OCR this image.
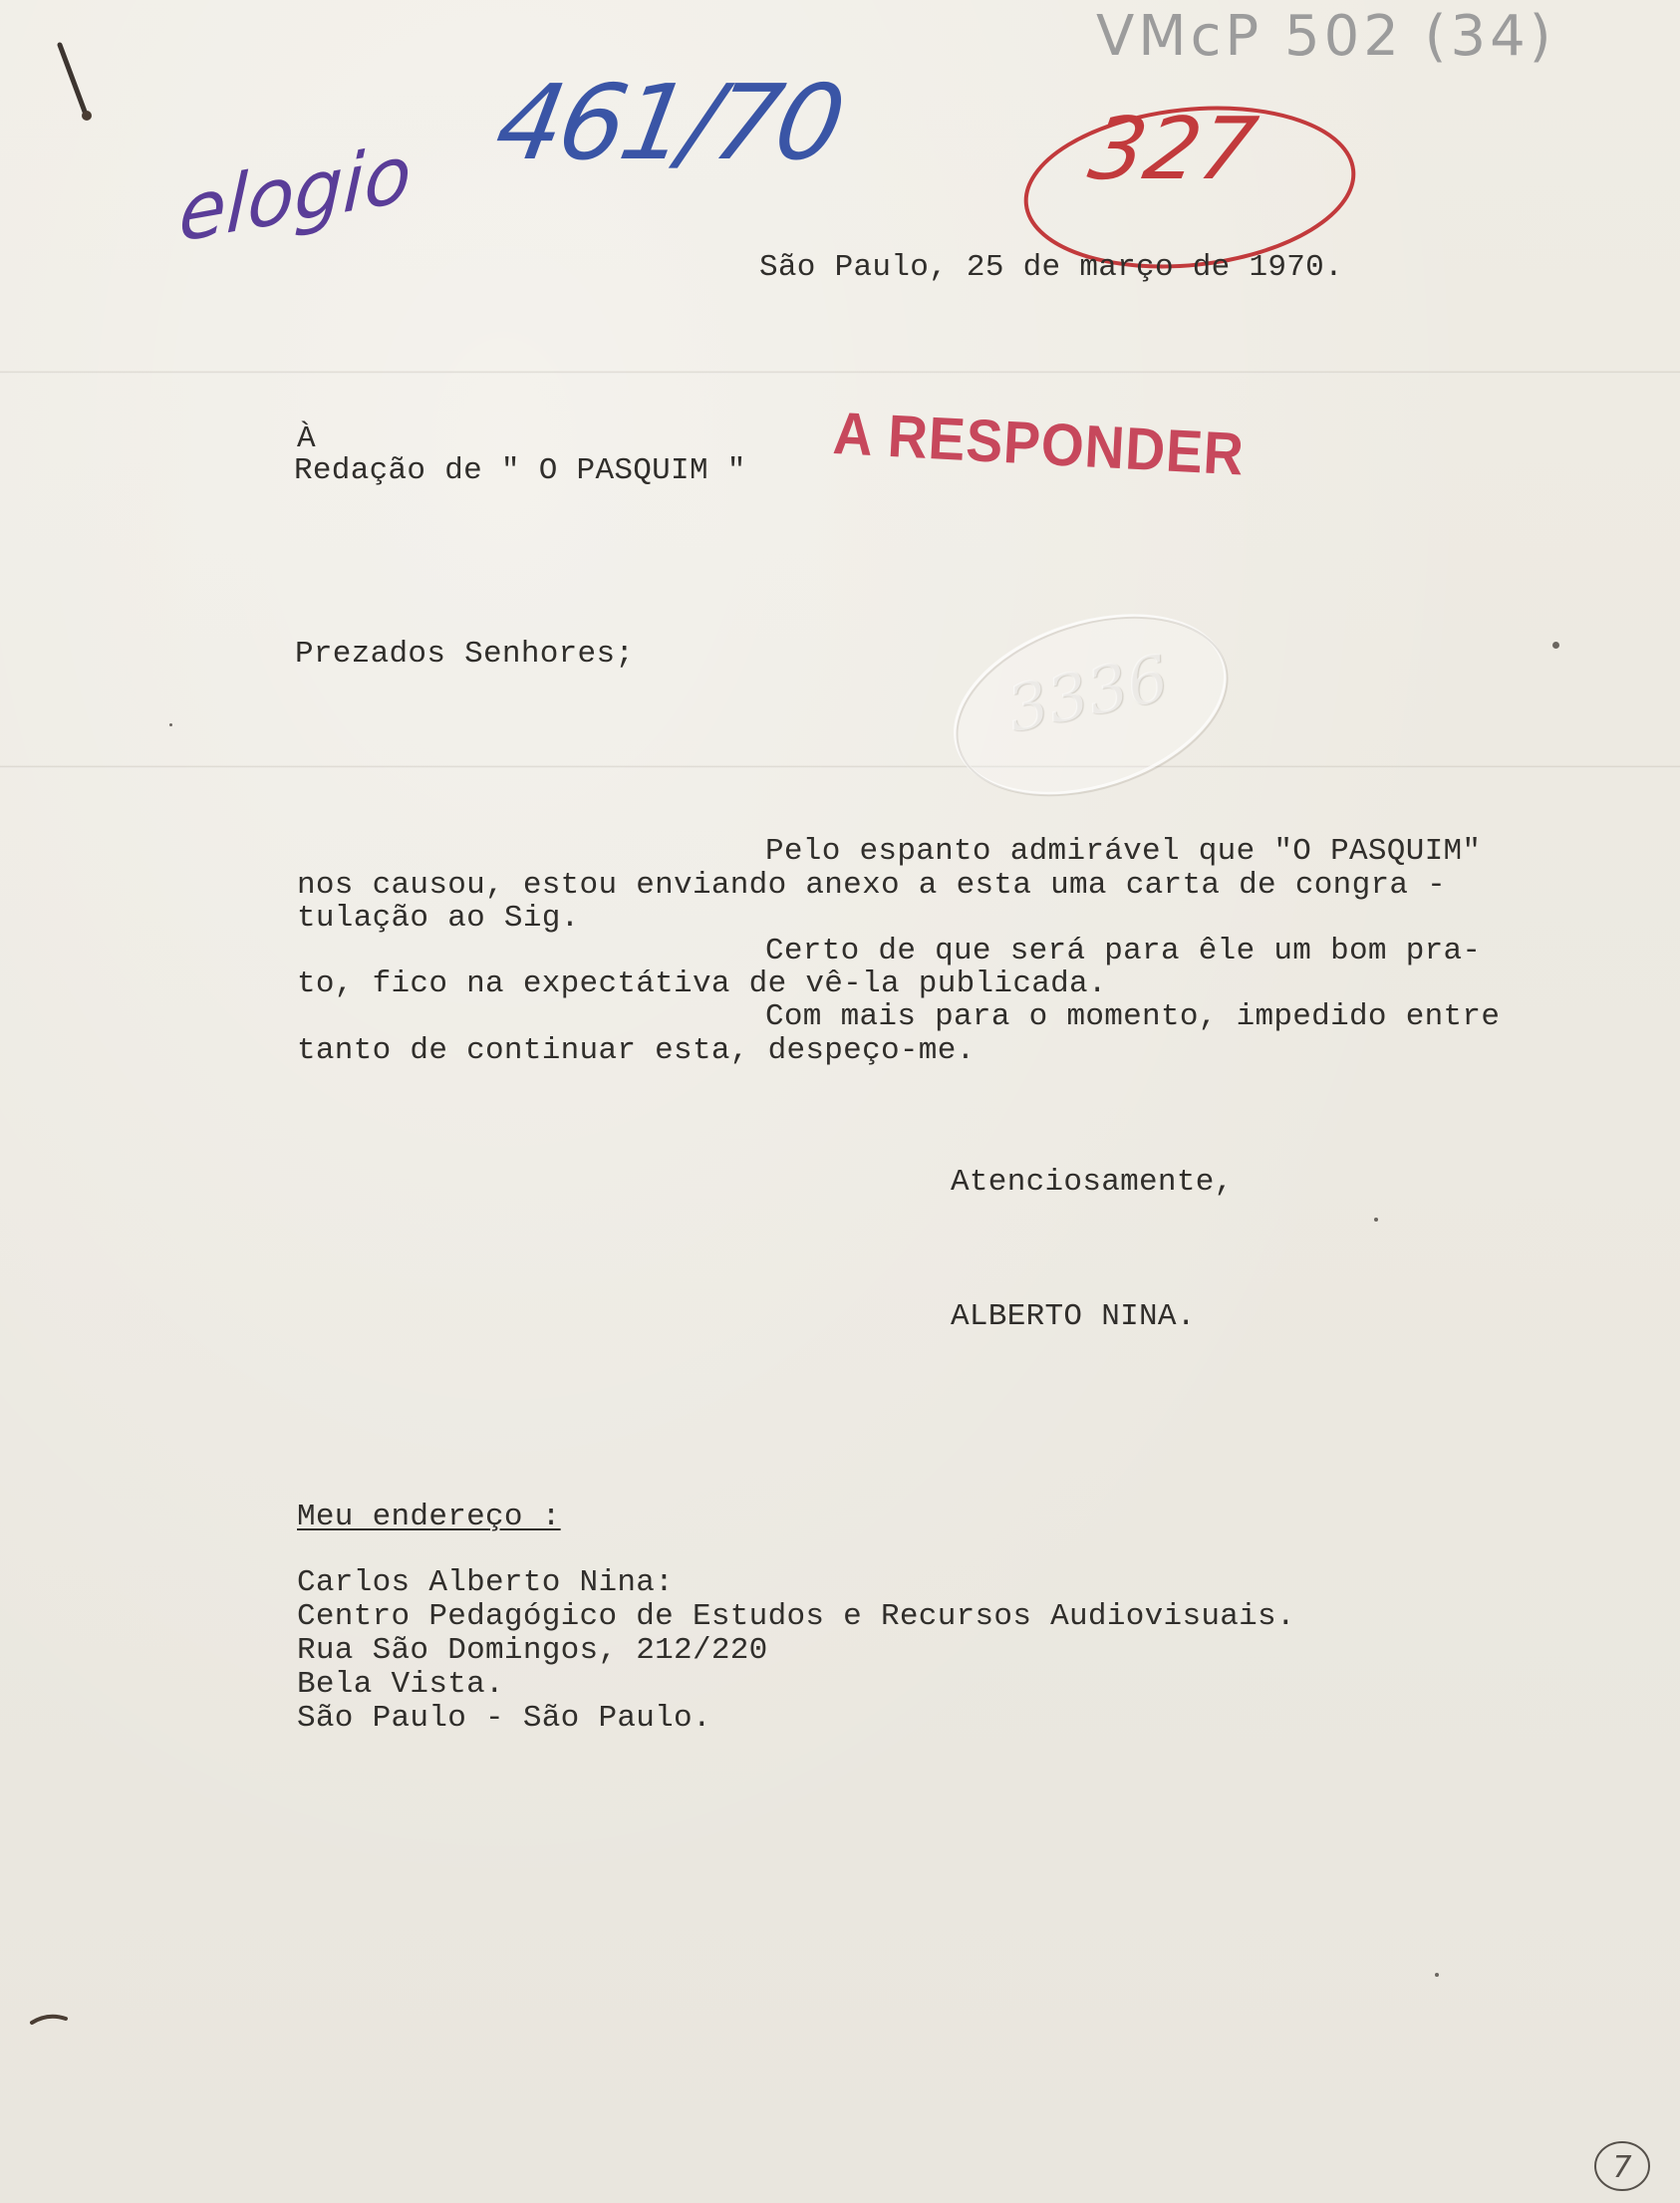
VMcP 502 (34)
461/70
elogio	327
A RESPONDER
3336
São Paulo, 25 de março de 1970.
À
Redação de " O PASQUIM "
Prezados Senhores;
Pelo espanto admirável que "O PASQUIM"
nos causou, estou enviando anexo a esta uma carta de congra -
tulação ao Sig.
Certo de que será para êle um bom pra-
to, fico na expectátiva de vê-la publicada.
Com mais para o momento, impedido entre
tanto de continuar esta, despeço-me.
Atenciosamente,
ALBERTO NINA.
Meu endereço :
Carlos Alberto Nina:
Centro Pedagógico de Estudos e Recursos Audiovisuais.
Rua São Domingos, 212/220
Bela Vista.
São Paulo - São Paulo.
7
